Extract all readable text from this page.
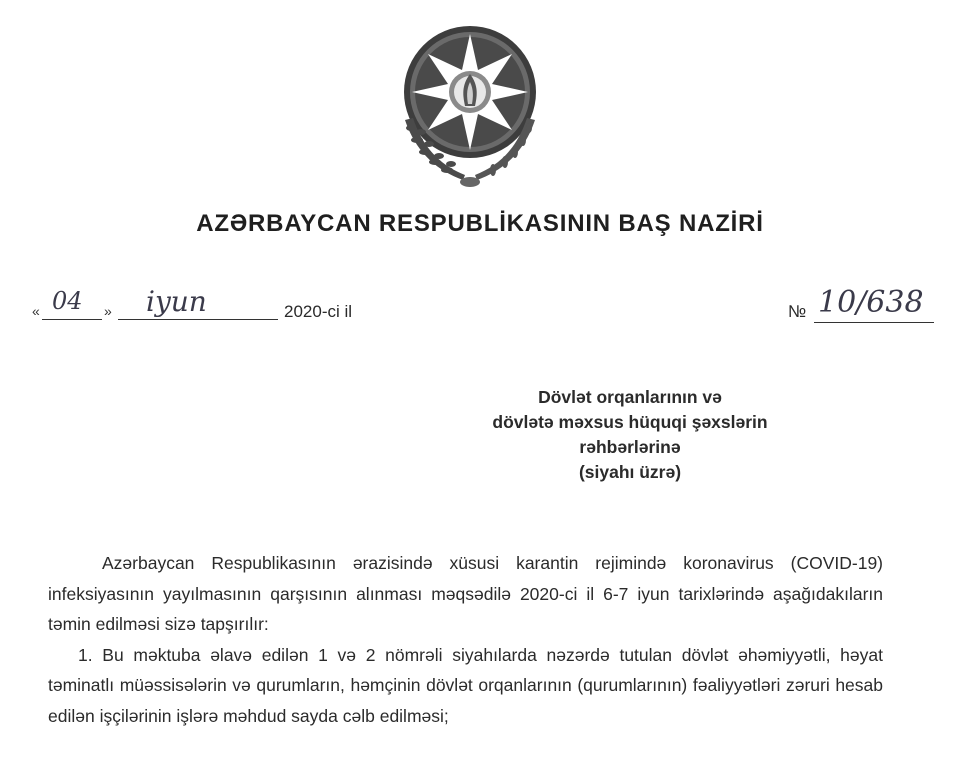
AZƏRBAYCAN RESPUBLİKASININ BAŞ NAZİRİ
« 04 » iyun	2020-ci il	№ 10/638
Dövlət orqanlarının və
dövlətə məxsus hüquqi şəxslərin
rəhbərlərinə
(siyahı üzrə)

Azərbaycan Respublikasının ərazisində xüsusi karantin rejimində koronavirus (COVID-19) infeksiyasının yayılmasının qarşısının alınması məqsədilə 2020-ci il 6-7 iyun tarixlərində aşağıdakıların təmin edilməsi sizə tapşırılır:

1. Bu məktuba əlavə edilən 1 və 2 nömrəli siyahılarda nəzərdə tutulan dövlət əhəmiyyətli, həyat təminatlı müəssisələrin və qurumların, həmçinin dövlət orqanlarının (qurumlarının) fəaliyyətləri zəruri hesab edilən işçilərinin işlərə məhdud sayda cəlb edilməsi;
